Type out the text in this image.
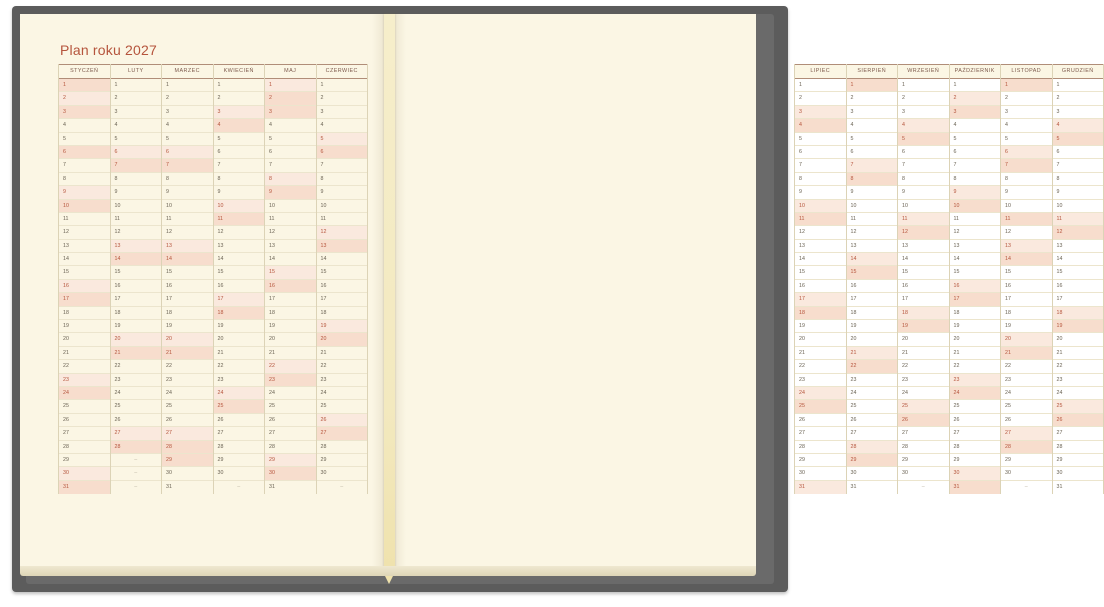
Plan roku 2027
STYCZEŃ
1
2
3
4
5
6
7
8
9
10
11
12
13
14
15
16
17
18
19
20
21
22
23
24
25
26
27
28
29
30
31
LUTY
1
2
3
4
5
6
7
8
9
10
11
12
13
14
15
16
17
18
19
20
21
22
23
24
25
26
27
28
–
–
–
MARZEC
1
2
3
4
5
6
7
8
9
10
11
12
13
14
15
16
17
18
19
20
21
22
23
24
25
26
27
28
29
30
31
KWIECIEŃ
1
2
3
4
5
6
7
8
9
10
11
12
13
14
15
16
17
18
19
20
21
22
23
24
25
26
27
28
29
30
–
MAJ
1
2
3
4
5
6
7
8
9
10
11
12
13
14
15
16
17
18
19
20
21
22
23
24
25
26
27
28
29
30
31
CZERWIEC
1
2
3
4
5
6
7
8
9
10
11
12
13
14
15
16
17
18
19
20
21
22
23
24
25
26
27
28
29
30
–
LIPIEC
1
2
3
4
5
6
7
8
9
10
11
12
13
14
15
16
17
18
19
20
21
22
23
24
25
26
27
28
29
30
31
SIERPIEŃ
1
2
3
4
5
6
7
8
9
10
11
12
13
14
15
16
17
18
19
20
21
22
23
24
25
26
27
28
29
30
31
WRZESIEŃ
1
2
3
4
5
6
7
8
9
10
11
12
13
14
15
16
17
18
19
20
21
22
23
24
25
26
27
28
29
30
–
PAŹDZIERNIK
1
2
3
4
5
6
7
8
9
10
11
12
13
14
15
16
17
18
19
20
21
22
23
24
25
26
27
28
29
30
31
LISTOPAD
1
2
3
4
5
6
7
8
9
10
11
12
13
14
15
16
17
18
19
20
21
22
23
24
25
26
27
28
29
30
–
GRUDZIEŃ
1
2
3
4
5
6
7
8
9
10
11
12
13
14
15
16
17
18
19
20
21
22
23
24
25
26
27
28
29
30
31
